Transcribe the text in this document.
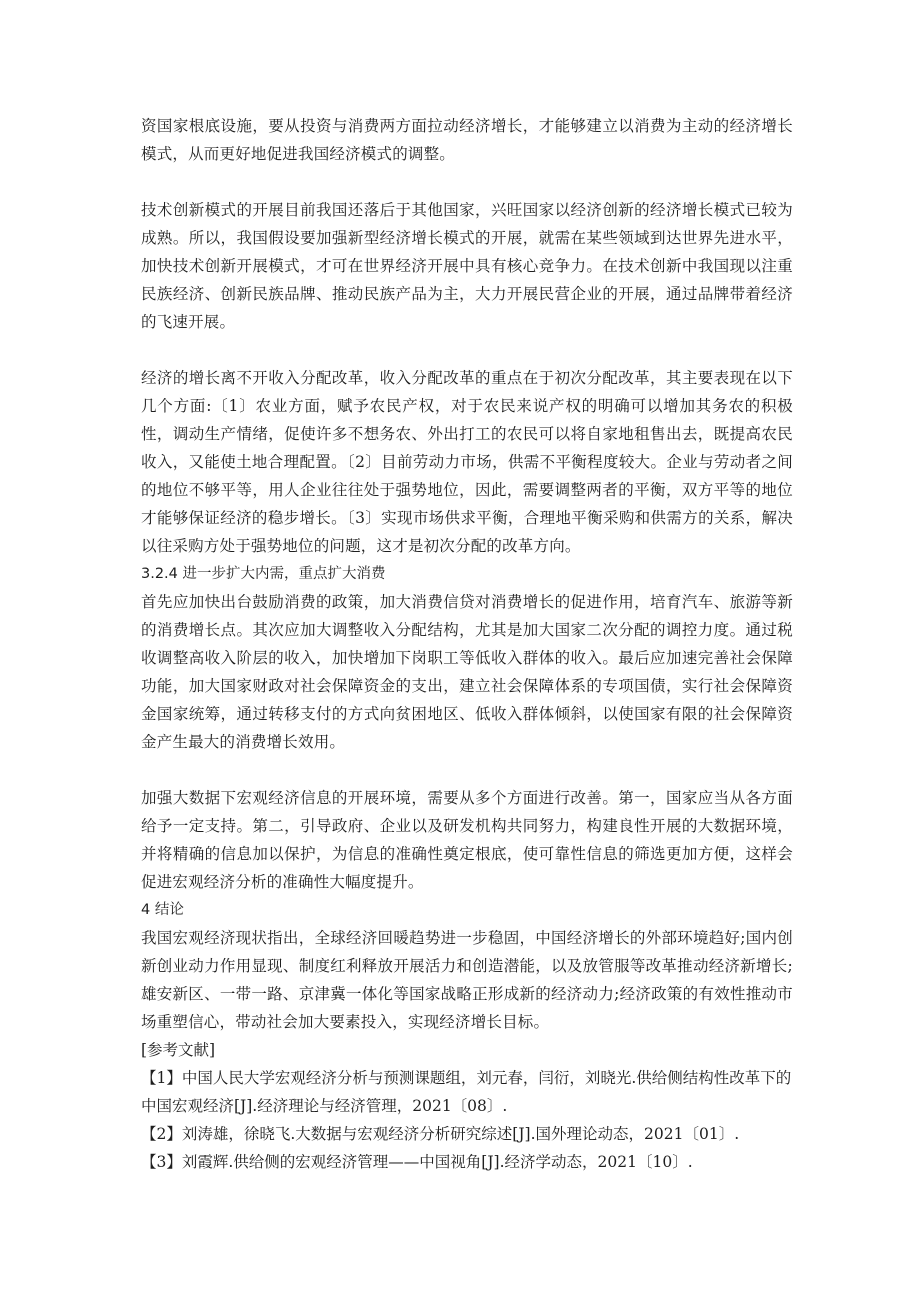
资国家根底设施，要从投资与消费两方面拉动经济增长，才能够建立以消费为主动的经济增长模式，从而更好地促进我国经济模式的调整。

技术创新模式的开展目前我国还落后于其他国家，兴旺国家以经济创新的经济增长模式已较为成熟。所以，我国假设要加强新型经济增长模式的开展，就需在某些领域到达世界先进水平，加快技术创新开展模式，才可在世界经济开展中具有核心竞争力。在技术创新中我国现以注重民族经济、创新民族品牌、推动民族产品为主，大力开展民营企业的开展，通过品牌带着经济的飞速开展。

经济的增长离不开收入分配改革，收入分配改革的重点在于初次分配改革，其主要表现在以下几个方面:〔1〕农业方面，赋予农民产权，对于农民来说产权的明确可以增加其务农的积极性，调动生产情绪，促使许多不想务农、外出打工的农民可以将自家地租售出去，既提高农民收入，又能使土地合理配置。〔2〕目前劳动力市场，供需不平衡程度较大。企业与劳动者之间的地位不够平等，用人企业往往处于强势地位，因此，需要调整两者的平衡，双方平等的地位才能够保证经济的稳步增长。〔3〕实现市场供求平衡，合理地平衡采购和供需方的关系，解决以往采购方处于强势地位的问题，这才是初次分配的改革方向。

3.2.4 进一步扩大内需，重点扩大消费

首先应加快出台鼓励消费的政策，加大消费信贷对消费增长的促进作用，培育汽车、旅游等新的消费增长点。其次应加大调整收入分配结构，尤其是加大国家二次分配的调控力度。通过税收调整高收入阶层的收入，加快增加下岗职工等低收入群体的收入。最后应加速完善社会保障功能，加大国家财政对社会保障资金的支出，建立社会保障体系的专项国债，实行社会保障资金国家统筹，通过转移支付的方式向贫困地区、低收入群体倾斜，以使国家有限的社会保障资金产生最大的消费增长效用。

加强大数据下宏观经济信息的开展环境，需要从多个方面进行改善。第一，国家应当从各方面给予一定支持。第二，引导政府、企业以及研发机构共同努力，构建良性开展的大数据环境，并将精确的信息加以保护，为信息的准确性奠定根底，使可靠性信息的筛选更加方便，这样会促进宏观经济分析的准确性大幅度提升。

4 结论

我国宏观经济现状指出，全球经济回暖趋势进一步稳固，中国经济增长的外部环境趋好;国内创新创业动力作用显现、制度红利释放开展活力和创造潜能，以及放管服等改革推动经济新增长;雄安新区、一带一路、京津冀一体化等国家战略正形成新的经济动力;经济政策的有效性推动市场重塑信心，带动社会加大要素投入，实现经济增长目标。

[参考文献]

【1】中国人民大学宏观经济分析与预测课题组，刘元春，闫衍，刘晓光.供给侧结构性改革下的中国宏观经济[J].经济理论与经济管理，2021〔08〕.

【2】刘涛雄，徐晓飞.大数据与宏观经济分析研究综述[J].国外理论动态，2021〔01〕.

【3】刘霞辉.供给侧的宏观经济管理——中国视角[J].经济学动态，2021〔10〕.
